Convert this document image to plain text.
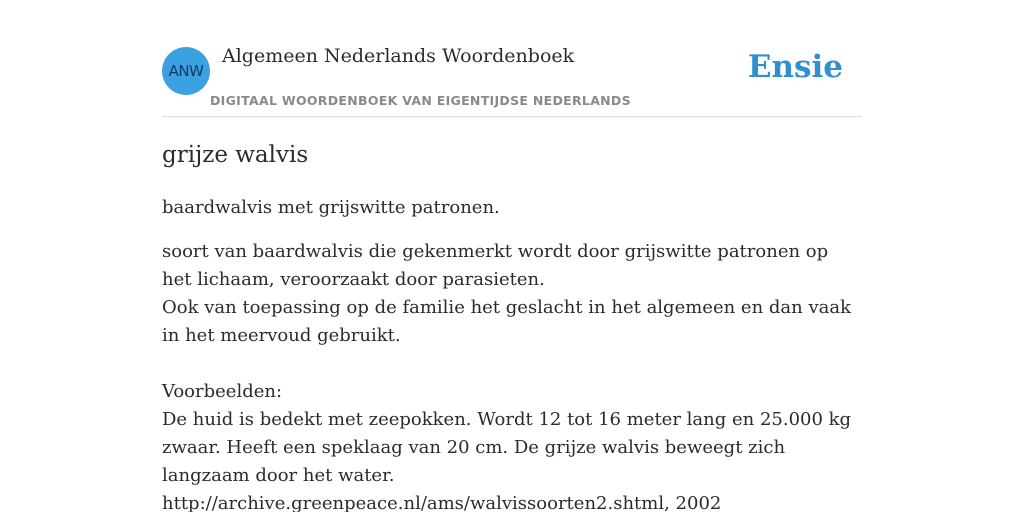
ANW
Algemeen Nederlands Woordenboek
DIGITAAL WOORDENBOEK VAN EIGENTIJDSE NEDERLANDS
Ensie
grijze walvis

baardwalvis met grijswitte patronen.

soort van baardwalvis die gekenmerkt wordt door grijswitte patronen op het lichaam, veroorzaakt door parasieten.
Ook van toepassing op de familie het geslacht in het algemeen en dan vaak in het meervoud gebruikt.

Voorbeelden:
De huid is bedekt met zeepokken. Wordt 12 tot 16 meter lang en 25.000 kg zwaar. Heeft een speklaag van 20 cm. De grijze walvis beweegt zich langzaam door het water.
http://archive.greenpeace.nl/ams/walvissoorten2.shtml, 2002
